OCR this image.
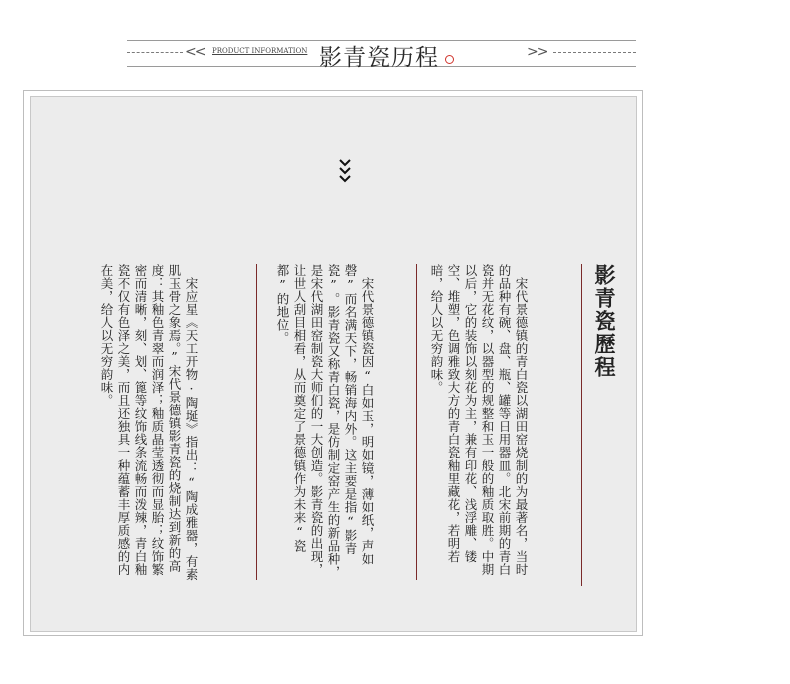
<< PRODUCT INFORMATION 影青瓷历程	>>
影青瓷歷程
　宋代景德镇的青白瓷以湖田窑烧制的为最著名，当时的品种有碗、盘、瓶、罐等日用器皿。北宋前期的青白瓷并无花纹，以器型的规整和玉一般的釉质取胜。中期以后，它的装饰以刻花为主，兼有印花、浅浮雕、镂空、堆塑，色调雅致大方的青白瓷釉里藏花，若明若暗，给人以无穷韵味。
　宋代景德镇瓷因“白如玉，明如镜，薄如纸，声如磬”而名满天下，畅销海内外。这主要是指“影青瓷”。影青瓷又称青白瓷，是仿制定窑产生的新品种，是宋代湖田窑制瓷大师们的一大创造。影青瓷的出现，让世人刮目相看，从而奠定了景德镇作为未来“瓷都”的地位。
　宋应星《天工开物·陶埏》指出：“陶成雅器，有素肌玉骨之象焉。”宋代景德镇影青瓷的烧制达到新的高度：其釉色青翠而润泽；釉质晶莹透彻而显胎；纹饰繁密而清晰，刻、划、篦等纹饰线条流畅而泼辣，青白釉瓷不仅有色泽之美，而且还独具一种蕴蓄丰厚质感的内在美，给人以无穷韵味。
